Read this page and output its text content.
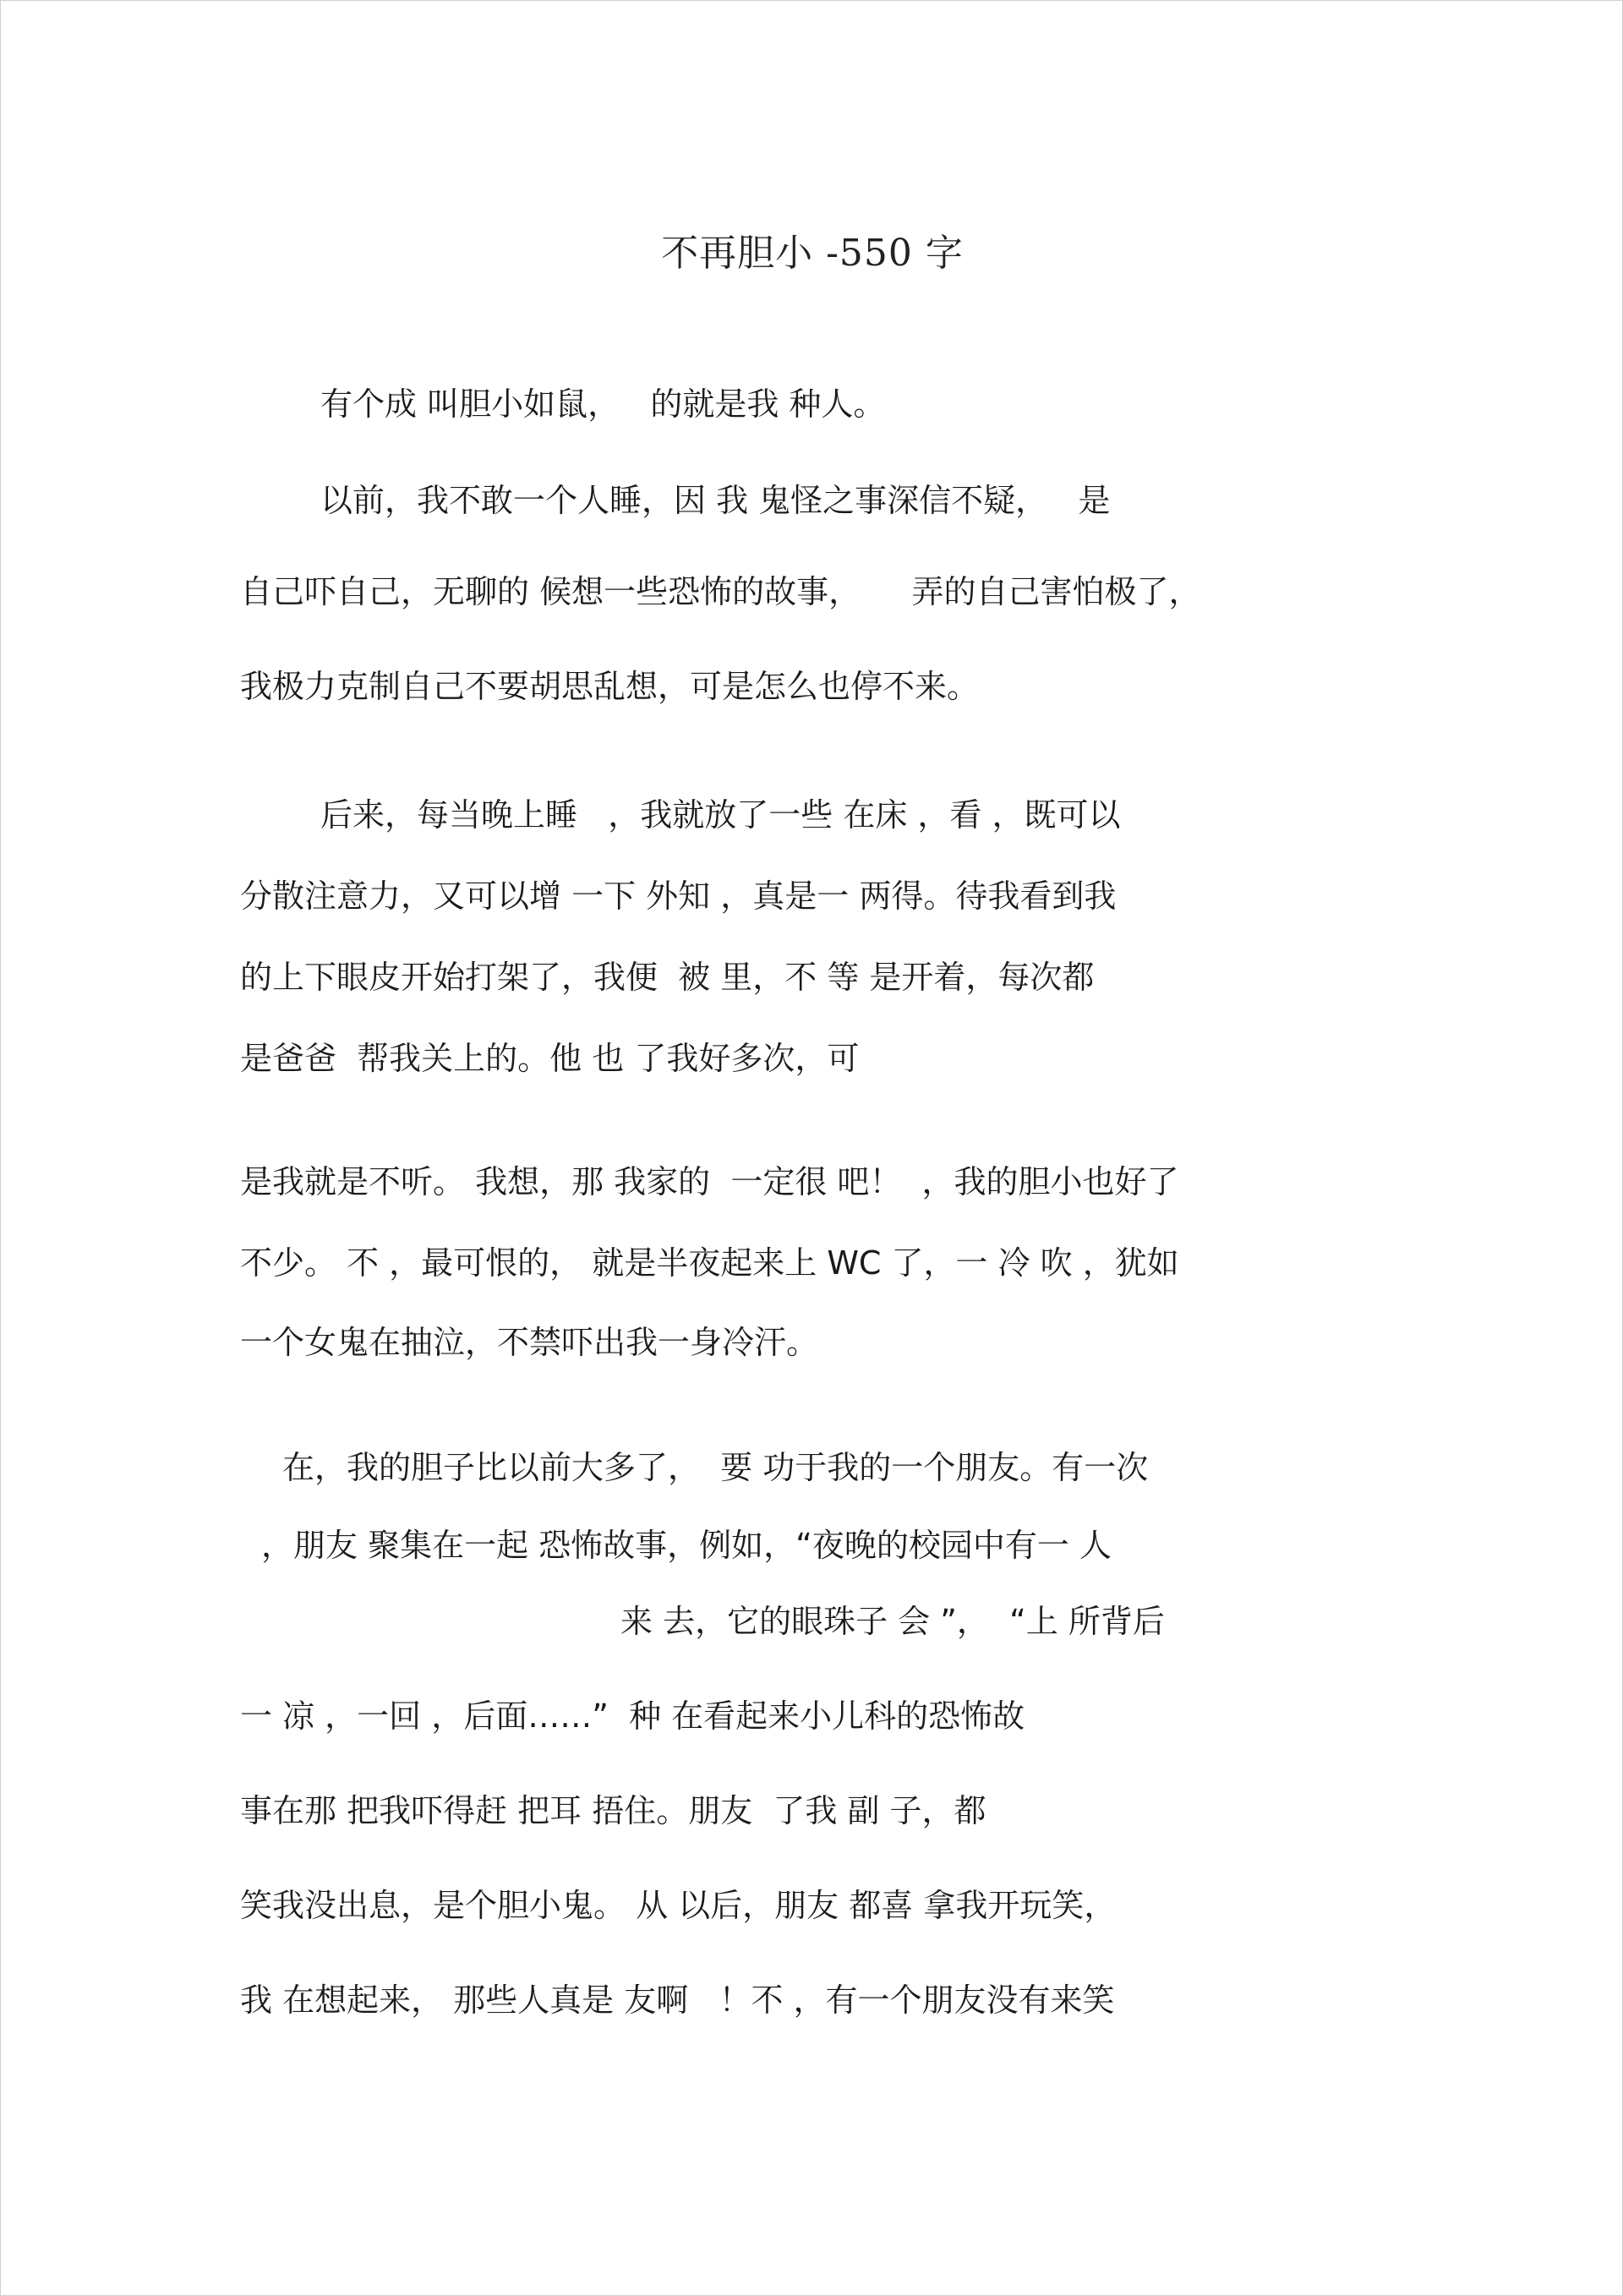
不再胆小 -550 字
有个成 叫胆小如鼠，   的就是我 种人。
以前，我不敢一个人睡，因 我 鬼怪之事深信不疑，   是
自己吓自己，无聊的 候想一些恐怖的故事，     弄的自己害怕极了，
我极力克制自己不要胡思乱想，可是怎么也停不来。
后来，每当晚上睡   ，我就放了一些 在床 ，看 ，既可以
分散注意力，又可以增 一下 外知 ，真是一 两得。待我看到我
的上下眼皮开始打架了，我便  被 里，不 等 是开着，每次都
是爸爸  帮我关上的。他 也 了我好多次，可
是我就是不听。 我想，那 我家的  一定很 吧！  ，我的胆小也好了
不少。 不 ，最可恨的， 就是半夜起来上 WC 了，一 冷 吹 ，犹如
一个女鬼在抽泣，不禁吓出我一身冷汗。
在，我的胆子比以前大多了，  要 功于我的一个朋友。有一次
，朋友 聚集在一起 恐怖故事，例如，“夜晚的校园中有一 人
来 去，它的眼珠子 会 ”，  “上 所背后
一 凉 ，一回 ，后面……”  种 在看起来小儿科的恐怖故
事在那 把我吓得赶 把耳 捂住。朋友  了我 副 子，都
笑我没出息，是个胆小鬼。 从 以后，朋友 都喜 拿我开玩笑，
我 在想起来， 那些人真是 友啊   ！不 ，有一个朋友没有来笑
